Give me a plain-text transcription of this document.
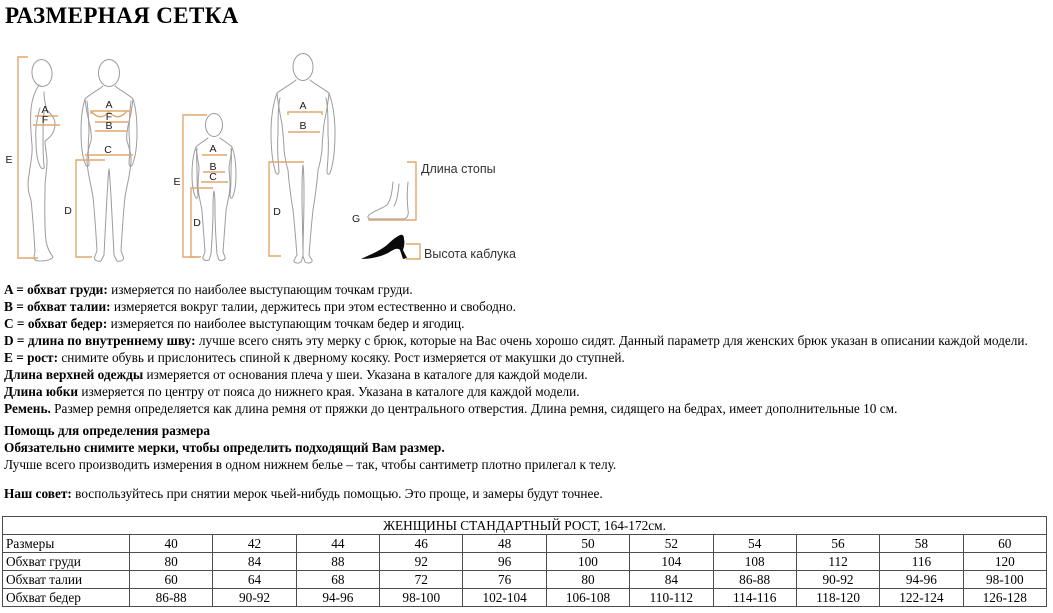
РАЗМЕРНАЯ СЕТКА
E
A
F
A
F
B
C
D
E
A
B
C
D
A
B
D
G
Длина стопы
Высота каблука
A = обхват груди: измеряется по наиболее выступающим точкам груди.
B = обхват талии: измеряется вокруг талии, держитесь при этом естественно и свободно.
C = обхват бедер: измеряется по наиболее выступающим точкам бедер и ягодиц.
D = длина по внутреннему шву: лучше всего снять эту мерку с брюк, которые на Вас очень хорошо сидят. Данный параметр для женских брюк указан в описании каждой модели.
E = рост: снимите обувь и прислонитесь спиной к дверному косяку. Рост измеряется от макушки до ступней.
Длина верхней одежды измеряется от основания плеча у шеи. Указана в каталоге для каждой модели.
Длина юбки измеряется по центру от пояса до нижнего края. Указана в каталоге для каждой модели.
Ремень. Размер ремня определяется как длина ремня от пряжки до центрального отверстия. Длина ремня, сидящего на бедрах, имеет дополнительные 10 см.
Помощь для определения размера
Обязательно снимите мерки, чтобы определить подходящий Вам размер.
Лучше всего производить измерения в одном нижнем белье – так, чтобы сантиметр плотно прилегал к телу.
Наш совет: воспользуйтесь при снятии мерок чьей-нибудь помощью. Это проще, и замеры будут точнее.
ЖЕНЩИНЫ СТАНДАРТНЫЙ РОСТ, 164-172см.											
Размеры	40	42	44	46	48	50	52	54	56	58	60
Обхват груди	80	84	88	92	96	100	104	108	112	116	120
Обхват талии	60	64	68	72	76	80	84	86-88	90-92	94-96	98-100
Обхват бедер	86-88	90-92	94-96	98-100	102-104	106-108	110-112	114-116	118-120	122-124	126-128
